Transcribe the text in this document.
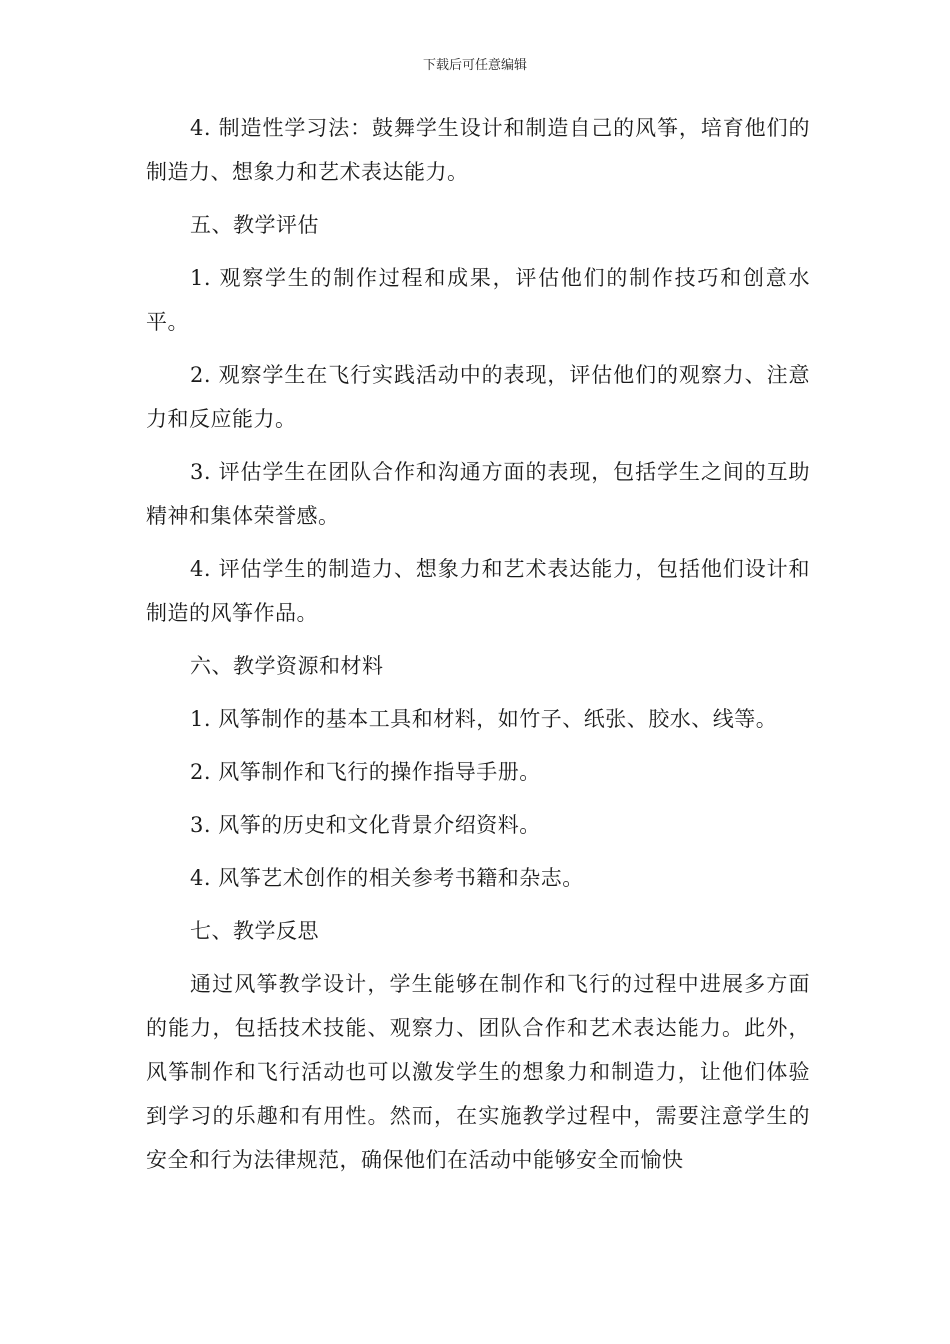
下载后可任意编辑

4. 制造性学习法：鼓舞学生设计和制造自己的风筝，培育他们的制造力、想象力和艺术表达能力。

五、教学评估

1. 观察学生的制作过程和成果，评估他们的制作技巧和创意水平。

2. 观察学生在飞行实践活动中的表现，评估他们的观察力、注意力和反应能力。

3. 评估学生在团队合作和沟通方面的表现，包括学生之间的互助精神和集体荣誉感。

4. 评估学生的制造力、想象力和艺术表达能力，包括他们设计和制造的风筝作品。

六、教学资源和材料

1. 风筝制作的基本工具和材料，如竹子、纸张、胶水、线等。

2. 风筝制作和飞行的操作指导手册。

3. 风筝的历史和文化背景介绍资料。

4. 风筝艺术创作的相关参考书籍和杂志。

七、教学反思

通过风筝教学设计，学生能够在制作和飞行的过程中进展多方面的能力，包括技术技能、观察力、团队合作和艺术表达能力。此外，风筝制作和飞行活动也可以激发学生的想象力和制造力，让他们体验到学习的乐趣和有用性。然而，在实施教学过程中，需要注意学生的安全和行为法律规范，确保他们在活动中能够安全而愉快
